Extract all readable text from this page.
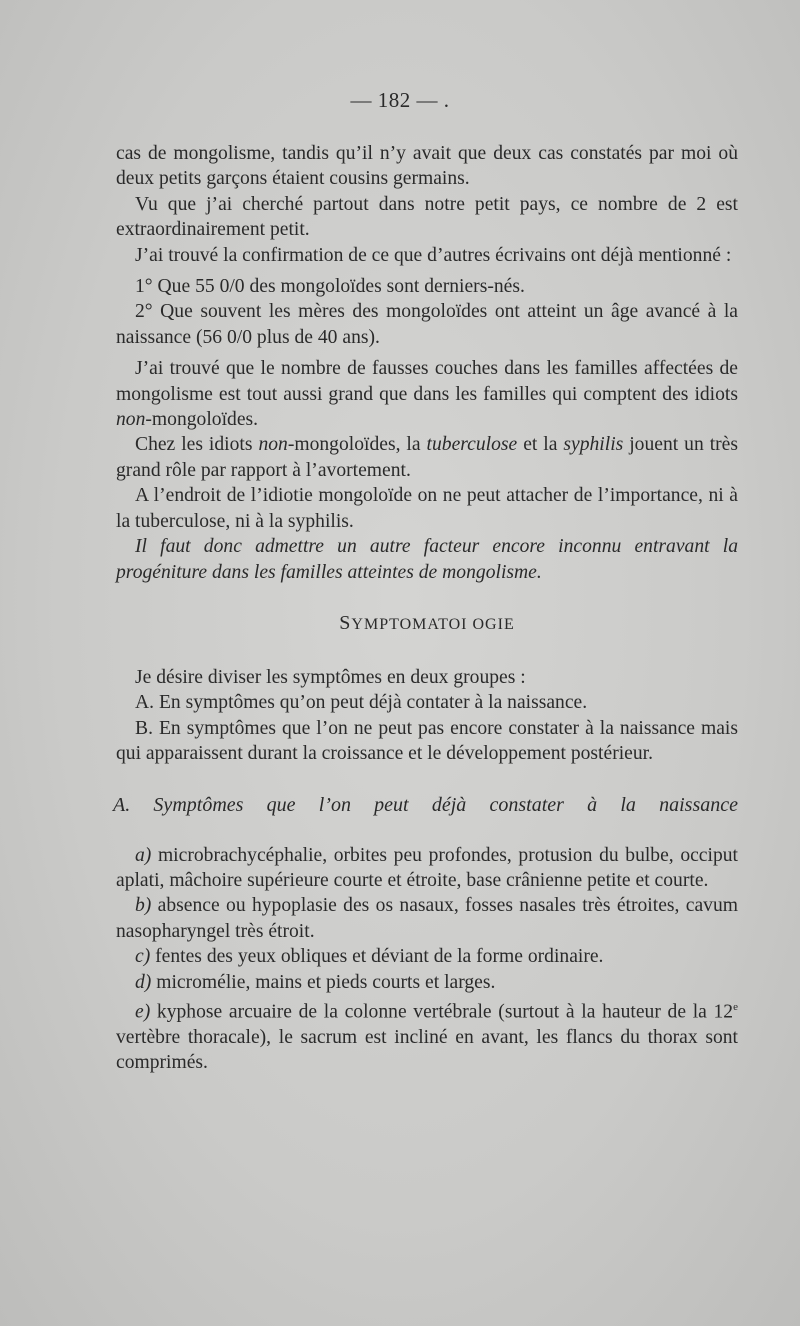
— 182 — .

cas de mongolisme, tandis qu’il n’y avait que deux cas constatés par moi où deux petits garçons étaient cousins germains.

Vu que j’ai cherché partout dans notre petit pays, ce nombre de 2 est extraordinairement petit.

J’ai trouvé la confirmation de ce que d’autres écrivains ont déjà mentionné :

1° Que 55 0/0 des mongoloïdes sont derniers-nés.

2° Que souvent les mères des mongoloïdes ont atteint un âge avancé à la naissance (56 0/0 plus de 40 ans).

J’ai trouvé que le nombre de fausses couches dans les familles affectées de mongolisme est tout aussi grand que dans les familles qui comptent des idiots non-mongoloïdes.

Chez les idiots non-mongoloïdes, la tuberculose et la syphilis jouent un très grand rôle par rapport à l’avortement.

A l’endroit de l’idiotie mongoloïde on ne peut attacher de l’importance, ni à la tuberculose, ni à la syphilis.

Il faut donc admettre un autre facteur encore inconnu entravant la progéniture dans les familles atteintes de mongolisme.

SYMPTOMATOI OGIE

Je désire diviser les symptômes en deux groupes :

A. En symptômes qu’on peut déjà contater à la naissance.

B. En symptômes que l’on ne peut pas encore constater à la naissance mais qui apparaissent durant la croissance et le développement postérieur.

A. Symptômes que l’on peut déjà constater à la naissance

a) microbrachycéphalie, orbites peu profondes, protusion du bulbe, occiput aplati, mâchoire supérieure courte et étroite, base crânienne petite et courte.

b) absence ou hypoplasie des os nasaux, fosses nasales très étroites, cavum nasopharyngel très étroit.

c) fentes des yeux obliques et déviant de la forme ordinaire.

d) micromélie, mains et pieds courts et larges.

e) kyphose arcuaire de la colonne vertébrale (surtout à la hauteur de la 12e vertèbre thoracale), le sacrum est incliné en avant, les flancs du thorax sont comprimés.
